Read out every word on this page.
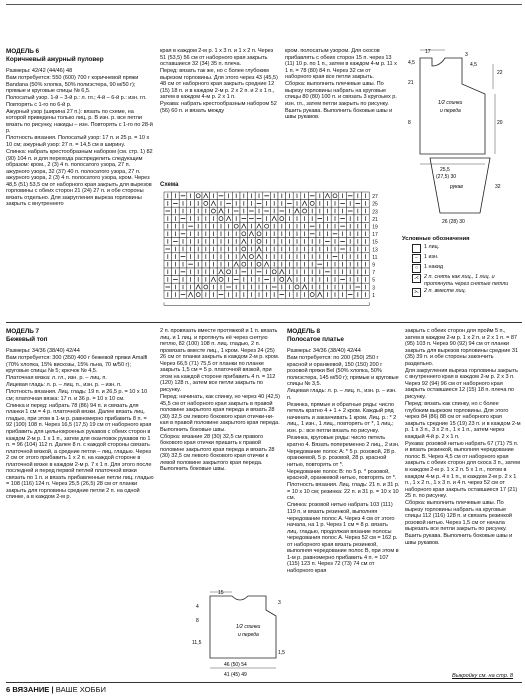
МОДЕЛЬ 6

Коричневый ажурный пуловер

Размеры: 42/42 (44/46) 48

Вам потребуется: 550 (600) 700 г коричневой пряжи Bandana (50% хлопка, 50% полиэстера, 90 м/50 г); прямые и круговые спицы № 6,5.

Полосатый узор. 1-й – 3-й р.: л. гл.; 4-й – 6-й р.: изн. гл. Повторять с 1-го по 6-й р.

Ажурный узор (ширина 27 п.): вязать по схеме, на которой приведены только лиц. р. В изн. р. все петли вязать по рисунку, накиды – изн. Повторять с 1-го по 28-й р.

Плотность вязания. Полосатый узор: 17 п. и 25 р. = 10 х 10 см; ажурный узор: 27 п. = 14,5 см в ширину.

Спинка: набрать крестообразным набором (см. стр. 1) 82 (90) 104 п. и для перехода распределить следующим образом: кром., 2 (3) 4 п. полосатого узора, 27 п. ажурного узора, 32 (37) 40 п. полосатого узора, 27 п. ажурного узора, 2 (3) 4 п. полосатого узора, кром. Через 48,5 (51) 53,5 см от наборного края закрыть для вырезов горловины с обеих сторон 21 (24) 27 п. и обе стороны вязать отдельно. Для закругления выреза горловины закрыть с внутреннего

края в каждом 2-м р. 1 х 3 п. и 1 х 2 п. Через 51 (53,5) 56 см от наборного края закрыть оставшиеся 32 (34) 35 п. плеча.

Перед: вязать так же, но с более глубоким вырезом горловины. Для этого через 43 (45,5) 48 см от наборного края закрыть средние 12 (15) 18 п. и в каждом 2-м р. 2 х 2 п. и 2 х 1 п., затем в каждом 4-м р. 2 х 1 п.

Рукава: набрать крестообразным набором 52 (56) 60 п. и вязать между

кром. полосатым узором. Для скосов прибавлять с обеих сторон 15 п. через 13 (11) 10 р. по 1 п., затем в каждом 4-м р. 11 х 1 п. = 78 (80) 84 п. Через 32 см от наборного края все петли закрыть.

Сборка: выполнить плечевые швы. По вырезу горловины набрать на круговые спицы 80 (80) 100 п. и связать 3 кругоыех р. изн. гл., затем петли закрыть по рисунку.

Вшить рукава. Выполнить боковые швы и швы рукавов.

17	3
4,5
22
20
1/2 спинки
и переда
21
4,5
8
25,5
(27,5) 30
рукав	32
26 (28) 30
Схема
27
25
23
21
19
17
15
13
11
9
7
5
3
1
Условные обозначения
1 лиц.
−	1 изн.
○	1 накид
⋌ 2 п. снять как лиц., 1 лиц. и протянуть через снятые петли
⋋ 2 п. вместе лиц.

МОДЕЛЬ 7

Бежевый топ

Размеры: 34/36 (38/40) 42/44

Вам потребуется: 300 (350) 400 г бежевой пряжи Amalfi (70% хлопка, 15% вискозы, 15% льна, 70 м/50 г); круговые спицы № 5; крючок № 4,5.

Платочная вязка: л. гл., изн. р. – лиц. п.

Лицевая гладь: л. р. – лиц. п., изн. р. – изн. п.

Плотность вязания. Лиц. гладь: 19 п. и 26,5 р. = 10 х 10 см; платочная вязка: 17 п. и 36 р. = 10 х 10 см.

Спинка и перед: набрать 78 (86) 94 п. и связать для планки 1 см = 4 р. платочной вязки. Далее вязать лиц. гладью, при этом в 1-м р. равномерно прибавить 8 п. = 92 (100) 108 п. Через 16,5 (17,5) 19 см от наборного края прибавить для цельнокроеных рукавов с обеих сторон в каждом 2-м р. 1 х 1 п., затем для окантовок рукавов по 1 п. = 96 (104) 112 п. Далее 8 п. с каждой стороны связать платочной вязкой, а средние петли – лиц. гладью. Через 2 см от этого прибавить 1 х 2 п. на каждой стороне в платочной вязке в каждом 2-м р. 7 х 1 п. Для этого после последней и перед первой петлей платочной вязки связать по 1 п. и вязать прибавленные петли лиц. гладью = 108 (116) 124 п. Через 25,5 (26,5) 28 см от планки закрыть для горловины средние петли 2 п. на одной спинке, а в каждом 2-м р.

2 п. провязать вместе протяжкой и 1 п. вязать лиц. и 1 лиц. и протянуть её через снятую петлю, 82 (100) 108 п. лиц. гладью, 2 п. провязать вместе лиц., 1 кром. Через 24 (25) 26 см от планки закрыть в каждом 2-м р. кром. Через 66,5 (71) 75,5 от планки по планке закрыть 1,5 см = 5 р. платочной вязкой, при этом на каждой стороне прибавить 4 п. = 112 (120) 128 п., затем все петли закрыть по рисунку.

Перед: начинать, как спинку, но через 40 (42,5) 45,5 см от наборного края закрыть в правой половине закрытого края переда и вязать 28 (30) 32,5 см левого бокового края отички-ни-кая в правой половине закрытого края переда. Выполнить боковые швы.

Сборка: вязание 28 (30) 32,5 см правого бокового края отички пришить к правой половине закрытого края переда и вязать 28 (30) 32,5 см левого бокового края отички к левой половине закрытого края переда. Выполнить боковые швы.

15
1/2 спинки
и переда
4
8
11,5
3
1,5
46 (50) 54
41 (45) 49

МОДЕЛЬ 8

Полосатое платье

Размеры: 34/36 (38/40) 42/44

Вам потребуется: по 200 (250) 250 г красной и оранжевой, 150 (150) 200 г розовой пряжи Bel (50% хлопка, 50% полиэстера, 145 м/50 г); прямые и круговые спицы № 3,5.

Лицевая гладь: л. р. – лиц. п., изн. р. – изн. п.

Резинка, прямые и обратные ряды: число петель кратно 4 + 1 + 2 кром. Каждый ряд начинать и заканчивать 1 кром. Лиц. р.: * 2 лиц., 1 изн., 1 лиц., повторять от *, 1 лиц.; изн. р.: все петли вязать по рисунку.

Резинка, круговые ряды: число петель кратно 4. Вязать попеременно 2 лиц., 2 изн.

Чередование полос А: * 5 р. розовой, 28 р. оранжевой, 5 р. розовой, 28 р. красной нитью, повторять от *.

Чередование полос В: по 5 р. * розовой, красной, оранжевой нитью, повторять от *.

Плотность вязания. Лиц. гладь: 21 п. и 31 р. = 10 х 10 см; резинка: 22 п. и 31 р. = 10 х 10 см.

Спинка: розовой нитью набрать 103 (111) 119 п. и вязать резинкой, выполняя чередование полос А. Через 4 см от этого начала, на 1 р. Через 1 см = 8 р. вязать лиц. гладью, продолжая вязание полосы чередования полос А. Через 52 см = 162 р. от наборного края вязать резинкой, выполняя чередование полос В, при этом в 1-м р. равномерно прибавить 4 п. = 107 (115) 123 п. Через 72 (73) 74 см от наборного края

закрыть с обеих сторон для пройм 5 п., затем в каждом 2-м р. 1 х 2 п. и 2 х 1 п. = 87 (95) 103 п. Через 90 (92) 94 см от планки закрыть для вырезов горловины средние 31 (35) 39 п. и обе стороны закончить раздельно.

Для закругления выреза горловины закрыть с внутреннего края в каждом 2-м р. 2 х 3 п. Через 92 (94) 96 см от наборного края закрыть оставшиеся 12 (15) 18 п. плеча по рисунку.

Перед: вязать как спинку, но с более глубоким вырезом горловины. Для этого через 84 (86) 88 см от наборного края закрыть средние 15 (19) 23 п. и в каждом 2-м р. 1 х 3 п., 3 х 2 п., 1 х 1 п., затем через каждый 4-й р. 2 х 1 п.

Рукава: розовой нитью набрать 67 (71) 75 п. и вязать резинкой, выполняя чередование полос В. Через 4,5 см от наборного края закрыть с обеих сторон для скоса 3 п., затем в каждом 2-м р. 1 х 2 п. 5 х 1 п., потом в каждом 4-м р. 4 х 1 п., в каждом 2-м р. 2 х 1 п., 1 х 2 п., 1 х 3 п. и 4 п. через 52 см от наборного края закрыть оставшиеся 17 (21) 25 п. по рисунку.

Сборка: выполнить плечевые швы. По вырезу горловины набрать на круговые спицы 112 (116) 128 п. и связать резинкой розовой нитью. Через 1,5 см от начала вырезать все петли закрыть по рисунку. Вшить рукава. Выполнить боковые швы и швы рукавов.

Выкройку см. на стр. 8
6 ВЯЗАНИЕ | ВАШЕ ХОББИ
